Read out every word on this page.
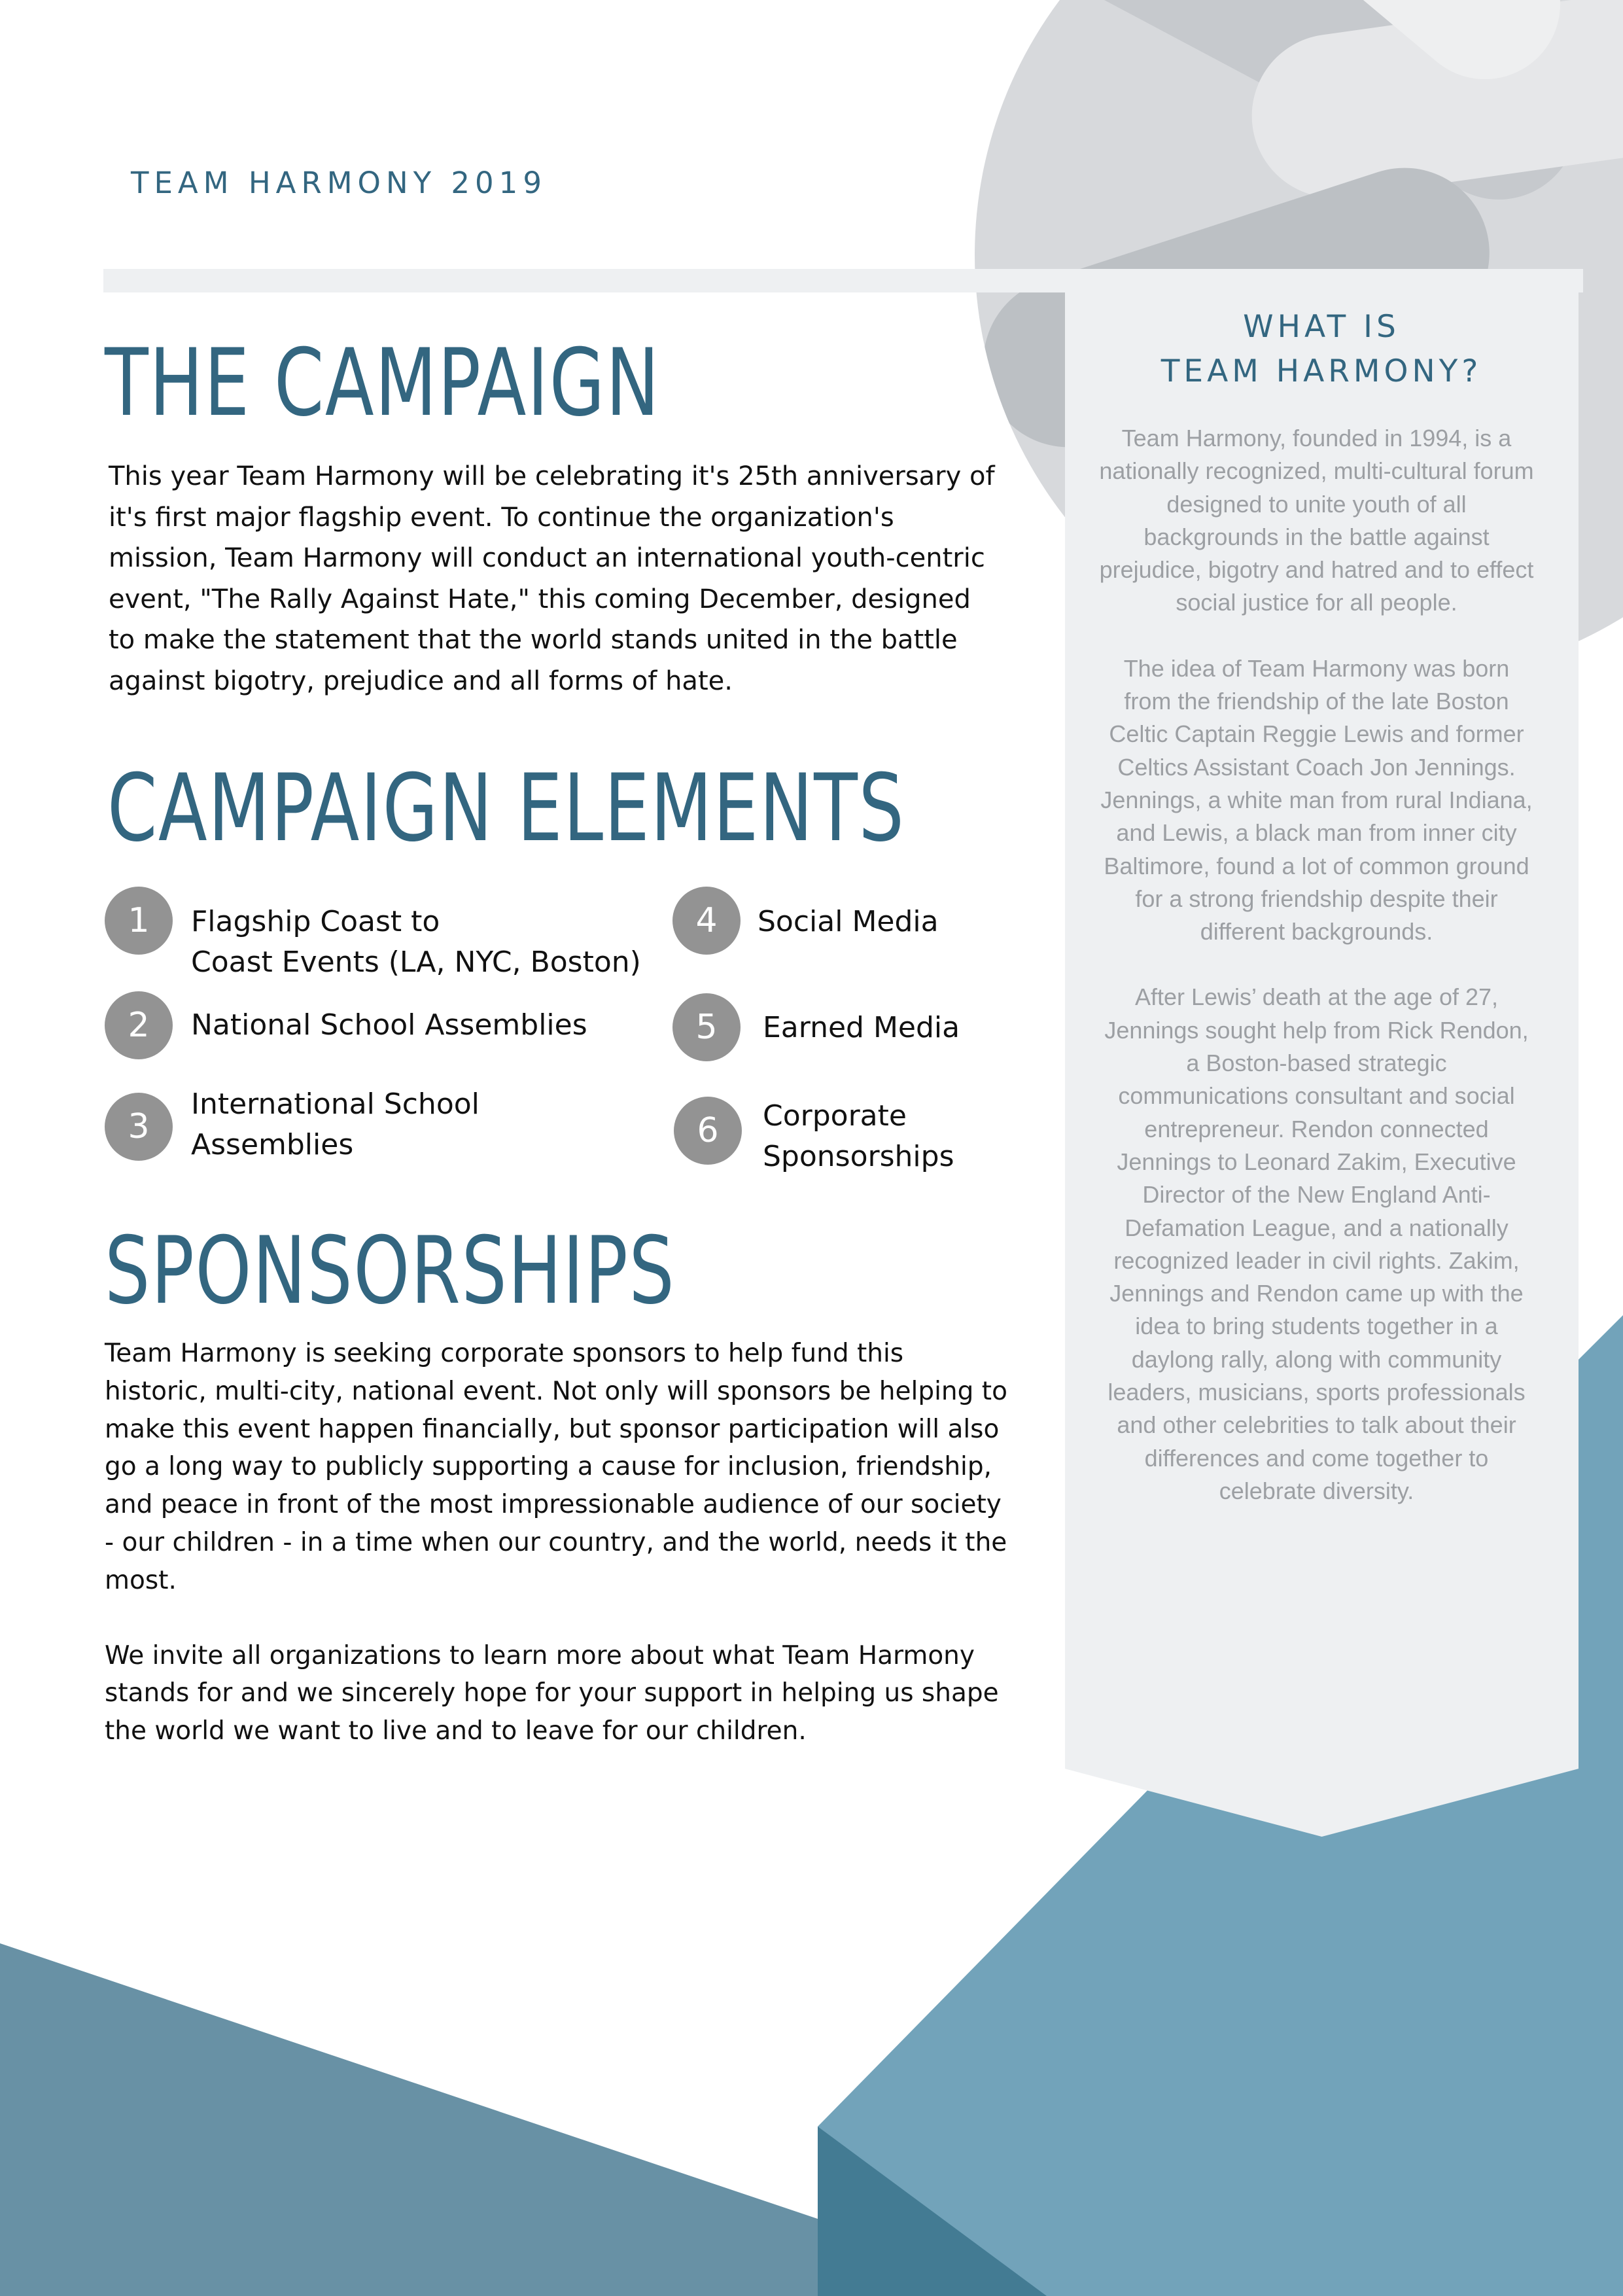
TEAM HARMONY 2019
WHAT IS
TEAM HARMONY?

Team Harmony, founded in 1994, is a nationally recognized, multi-cultural forum designed to unite youth of all backgrounds in the battle against prejudice, bigotry and hatred and to effect social justice for all people.

The idea of Team Harmony was born from the friendship of the late Boston Celtic Captain Reggie Lewis and former Celtics Assistant Coach Jon Jennings. Jennings, a white man from rural Indiana, and Lewis, a black man from inner city Baltimore, found a lot of common ground for a strong friendship despite their different backgrounds.

After Lewis’ death at the age of 27, Jennings sought help from Rick Rendon, a Boston-based strategic communications consultant and social entrepreneur. Rendon connected Jennings to Leonard Zakim, Executive Director of the New England Anti-Defamation League, and a nationally recognized leader in civil rights. Zakim, Jennings and Rendon came up with the idea to bring students together in a daylong rally, along with community leaders, musicians, sports professionals and other celebrities to talk about their differences and come together to celebrate diversity.

THE CAMPAIGN
This year Team Harmony will be celebrating it's 25th anniversary of it's first major flagship event. To continue the organization's mission, Team Harmony will conduct an international youth-centric event, "The Rally Against Hate," this coming December, designed to make the statement that the world stands united in the battle against bigotry, prejudice and all forms of hate.
CAMPAIGN ELEMENTS
1	Flagship Coast to
Coast Events (LA, NYC, Boston)
2	National School Assemblies
3
International School
Assemblies
4	Social Media
5	Earned Media
6	Corporate
Sponsorships
SPONSORSHIPS

Team Harmony is seeking corporate sponsors to help fund this historic, multi-city, national event. Not only will sponsors be helping to make this event happen financially, but sponsor participation will also go a long way to publicly supporting a cause for inclusion, friendship, and peace in front of the most impressionable audience of our society - our children - in a time when our country, and the world, needs it the most.

We invite all organizations to learn more about what Team Harmony stands for and we sincerely hope for your support in helping us shape the world we want to live and to leave for our children.
